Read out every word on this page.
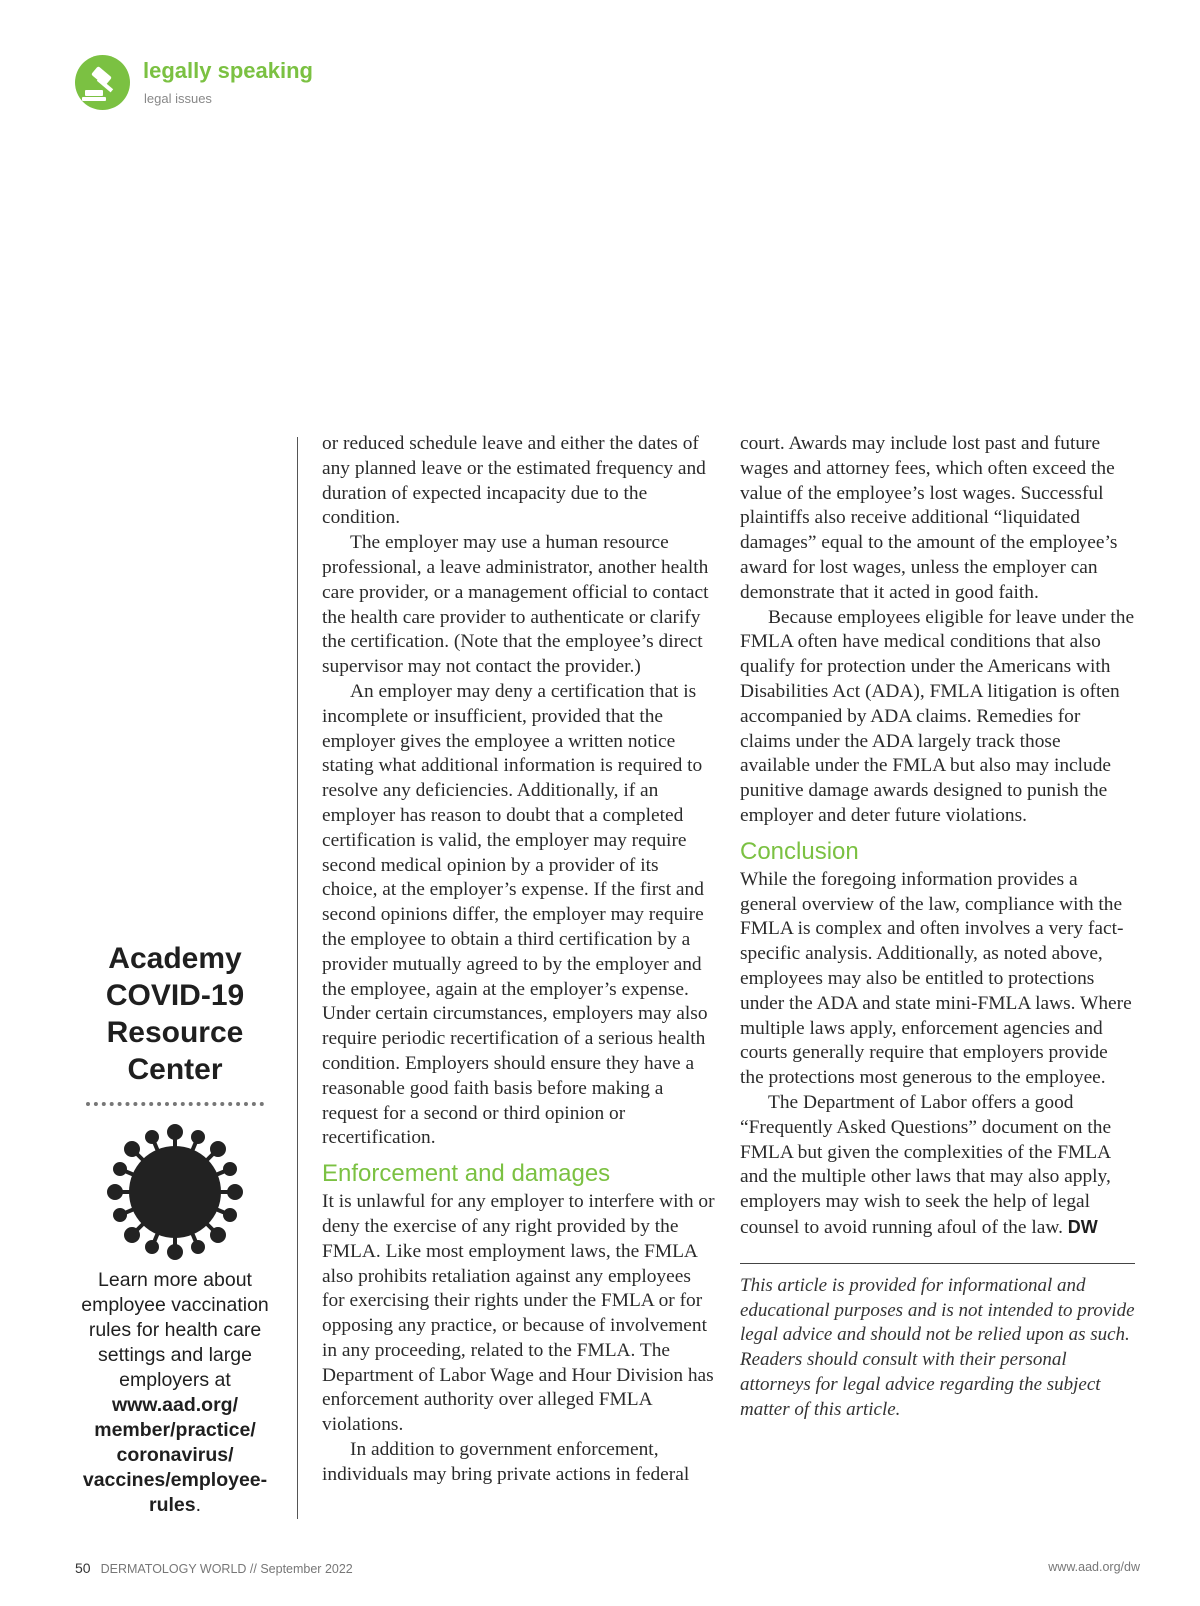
legally speaking
legal issues
Academy
COVID-19
Resource
Center
Learn more about employee vaccination rules for health care settings and large employers at www.aad.org/ member/practice/ coronavirus/ vaccines/employee- rules.

or reduced schedule leave and either the dates of any planned leave or the estimated frequency and duration of expected incapacity due to the condition.

The employer may use a human resource professional, a leave administrator, another health care provider, or a management official to contact the health care provider to authenticate or clarify the certification. (Note that the employee’s direct supervisor may not contact the provider.)

An employer may deny a certification that is incomplete or insufficient, provided that the employer gives the employee a written notice stating what additional information is required to resolve any deficiencies. Additionally, if an employer has reason to doubt that a completed certification is valid, the employer may require second medical opinion by a provider of its choice, at the employer’s expense. If the first and second opinions differ, the employer may require the employee to obtain a third certification by a provider mutually agreed to by the employer and the employee, again at the employer’s expense. Under certain circumstances, employers may also require periodic recertification of a serious health condition. Employers should ensure they have a reasonable good faith basis before making a request for a second or third opinion or recertification.

Enforcement and damages

It is unlawful for any employer to interfere with or deny the exercise of any right provided by the FMLA. Like most employment laws, the FMLA also prohibits retaliation against any employees for exercising their rights under the FMLA or for opposing any practice, or because of involvement in any proceeding, related to the FMLA. The Department of Labor Wage and Hour Division has enforcement authority over alleged FMLA violations.

In addition to government enforcement, individuals may bring private actions in federal

court. Awards may include lost past and future wages and attorney fees, which often exceed the value of the employee’s lost wages. Successful plaintiffs also receive additional “liquidated damages” equal to the amount of the employee’s award for lost wages, unless the employer can demonstrate that it acted in good faith.

Because employees eligible for leave under the FMLA often have medical conditions that also qualify for protection under the Americans with Disabilities Act (ADA), FMLA litigation is often accompanied by ADA claims. Remedies for claims under the ADA largely track those available under the FMLA but also may include punitive damage awards designed to punish the employer and deter future violations.

Conclusion

While the foregoing information provides a general overview of the law, compliance with the FMLA is complex and often involves a very fact-specific analysis. Additionally, as noted above, employees may also be entitled to protections under the ADA and state mini-FMLA laws. Where multiple laws apply, enforcement agencies and courts generally require that employers provide the protections most generous to the employee.

The Department of Labor offers a good “Frequently Asked Questions” document on the FMLA but given the complexities of the FMLA and the multiple other laws that may also apply, employers may wish to seek the help of legal counsel to avoid running afoul of the law. DW

This article is provided for informational and educational purposes and is not intended to provide legal advice and should not be relied upon as such. Readers should consult with their personal attorneys for legal advice regarding the subject matter of this article.

50 DERMATOLOGY WORLD // September 2022	www.aad.org/dw
